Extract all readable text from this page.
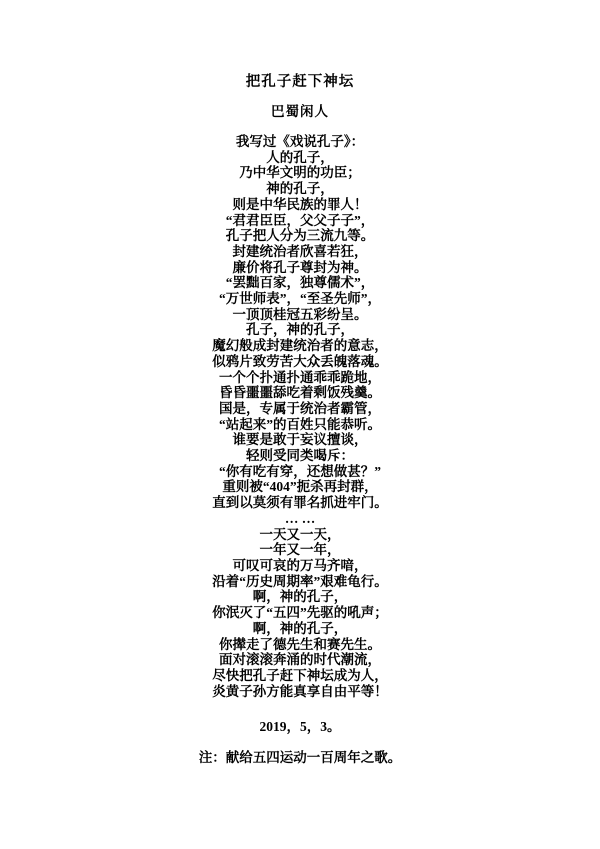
把孔子赶下神坛
巴蜀闲人
我写过《戏说孔子》：
人的孔子，
乃中华文明的功臣；
神的孔子，
则是中华民族的罪人！
“君君臣臣，父父子子”，
孔子把人分为三流九等。
封建统治者欣喜若狂，
廉价将孔子尊封为神。
“罢黜百家，独尊儒术”，
“万世师表”，“至圣先师”，
一顶顶桂冠五彩纷呈。
孔子，神的孔子，
魔幻般成封建统治者的意志，
似鸦片致劳苦大众丢魄落魂。
一个个扑通扑通乖乖跪地，
昏昏噩噩舔吃着剩饭残羹。
国是，专属于统治者霸管，
“站起来”的百姓只能恭听。
谁要是敢于妄议擅谈，
轻则受同类喝斥：
“你有吃有穿，还想做甚？”
重则被“404”扼杀再封群，
直到以莫须有罪名抓进牢门。
… …
一天又一天，
一年又一年，
可叹可哀的万马齐喑，
沿着“历史周期率”艰难龟行。
啊，神的孔子，
你泯灭了“五四”先驱的吼声；
啊，神的孔子，
你撵走了德先生和赛先生。
面对滚滚奔涌的时代潮流，
尽快把孔子赶下神坛成为人，
炎黄子孙方能真享自由平等！
2019，5，3。
注：献给五四运动一百周年之歌。
